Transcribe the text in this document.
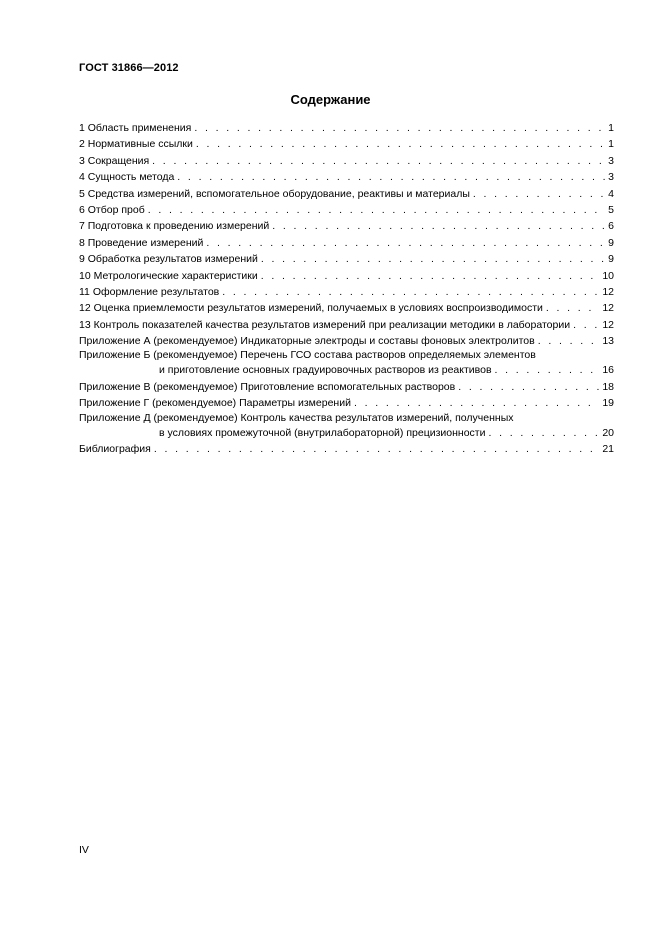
ГОСТ 31866—2012
Содержание
1 Область применения . . .	1
2 Нормативные ссылки . . .	1
3 Сокращения . . .	3
4 Сущность метода . . .	3
5 Средства измерений, вспомогательное оборудование, реактивы и материалы . . .	4
6 Отбор проб . . .	5
7 Подготовка к проведению измерений . . .	6
8 Проведение измерений . . .	9
9 Обработка результатов измерений . . .	9
10 Метрологические характеристики . . .	10
11 Оформление результатов . . .	12
12 Оценка приемлемости результатов измерений, получаемых в условиях воспроизводимости . . .	12
13 Контроль показателей качества результатов измерений при реализации методики в лаборатории . . .	12
Приложение А (рекомендуемое) Индикаторные электроды и составы фоновых электролитов . . .	13
Приложение Б (рекомендуемое) Перечень ГСО состава растворов определяемых элементов
и приготовление основных градуировочных растворов из реактивов . . .	16
Приложение В (рекомендуемое) Приготовление вспомогательных растворов . . .	18
Приложение Г (рекомендуемое) Параметры измерений . . .	19
Приложение Д (рекомендуемое) Контроль качества результатов измерений, полученных
в условиях промежуточной (внутрилабораторной) прецизионности . . .	20
Библиография . . .	21
IV
